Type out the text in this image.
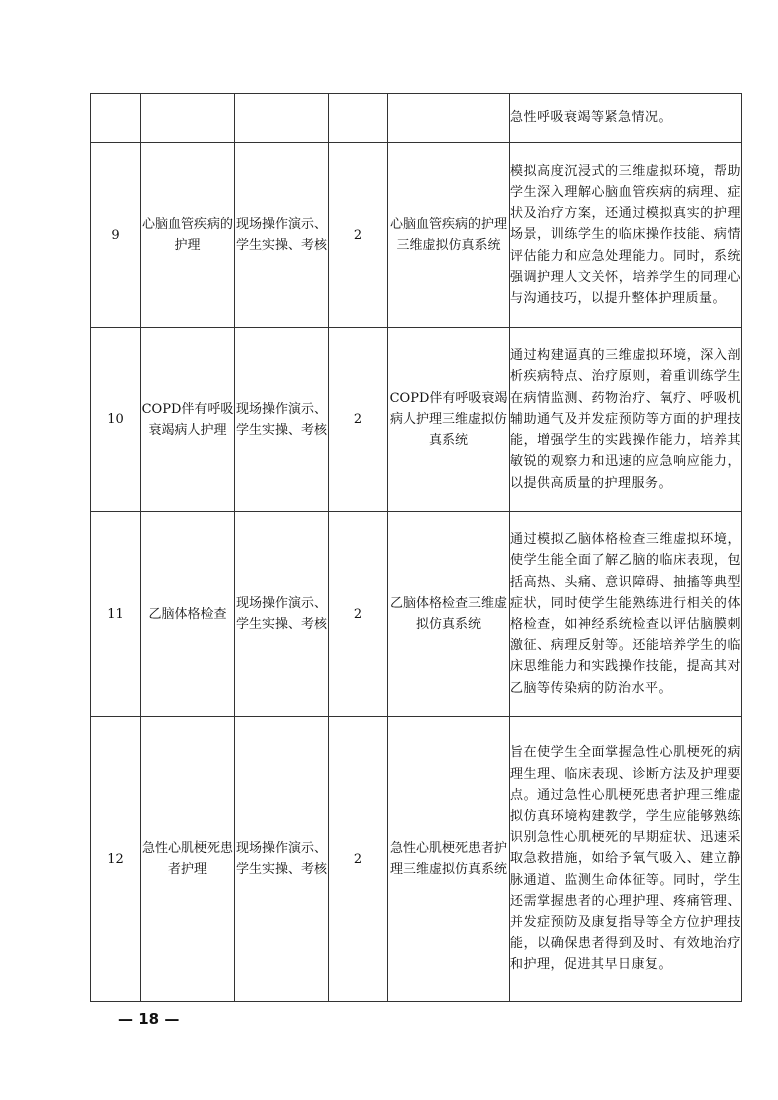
					急性呼吸衰竭等紧急情况。
9	心脑血管疾病的护理	现场操作演示、学生实操、考核	2	心脑血管疾病的护理三维虚拟仿真系统	模拟高度沉浸式的三维虚拟环境，帮助学生深入理解心脑血管疾病的病理、症状及治疗方案，还通过模拟真实的护理场景，训练学生的临床操作技能、病情评估能力和应急处理能力。同时，系统强调护理人文关怀，培养学生的同理心与沟通技巧，以提升整体护理质量。
10	COPD伴有呼吸衰竭病人护理	现场操作演示、学生实操、考核	2	COPD伴有呼吸衰竭病人护理三维虚拟仿真系统	通过构建逼真的三维虚拟环境，深入剖析疾病特点、治疗原则，着重训练学生在病情监测、药物治疗、氧疗、呼吸机辅助通气及并发症预防等方面的护理技能，增强学生的实践操作能力，培养其敏锐的观察力和迅速的应急响应能力，以提供高质量的护理服务。
11	乙脑体格检查	现场操作演示、学生实操、考核	2	乙脑体格检查三维虚拟仿真系统	通过模拟乙脑体格检查三维虚拟环境，使学生能全面了解乙脑的临床表现，包括高热、头痛、意识障碍、抽搐等典型症状，同时使学生能熟练进行相关的体格检查，如神经系统检查以评估脑膜刺激征、病理反射等。还能培养学生的临床思维能力和实践操作技能，提高其对乙脑等传染病的防治水平。
12	急性心肌梗死患者护理	现场操作演示、学生实操、考核	2	急性心肌梗死患者护理三维虚拟仿真系统	旨在使学生全面掌握急性心肌梗死的病理生理、临床表现、诊断方法及护理要点。通过急性心肌梗死患者护理三维虚拟仿真环境构建教学，学生应能够熟练识别急性心肌梗死的早期症状、迅速采取急救措施，如给予氧气吸入、建立静脉通道、监测生命体征等。同时，学生还需掌握患者的心理护理、疼痛管理、并发症预防及康复指导等全方位护理技能，以确保患者得到及时、有效地治疗和护理，促进其早日康复。
— 18 —
